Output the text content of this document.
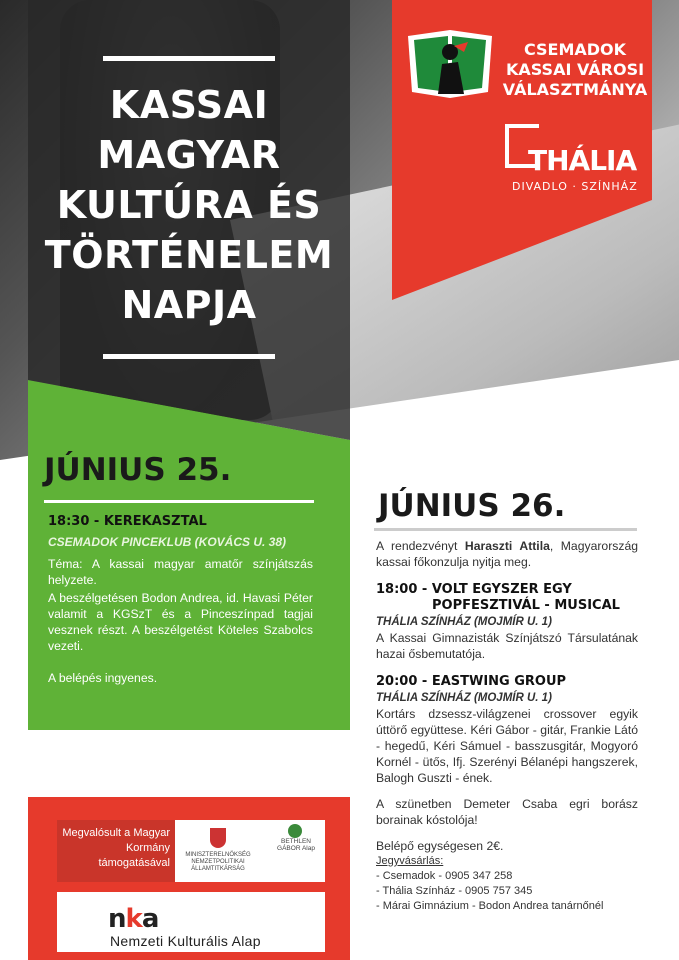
KASSAI
MAGYAR
KULTÚRA ÉS
TÖRTÉNELEM
NAPJA
CSEMADOK
KASSAI VÁROSI
VÁLASZTMÁNYA
THÁLIA
DIVADLO · SZÍNHÁZ
JÚNIUS 25.
18:30 - KEREKASZTAL
CSEMADOK PINCEKLUB (KOVÁCS U. 38)

Téma: A kassai magyar amatőr színjátszás helyzete.

A beszélgetésen Bodon Andrea, id. Havasi Péter valamit a KGSzT és a Pinceszínpad tagjai vesznek részt. A beszélgetést Köteles Szabolcs vezeti.

A belépés ingyenes.

JÚNIUS 26.

A rendezvényt Haraszti Attila, Magyarország kassai főkonzulja nyitja meg.

18:00 - VOLT EGYSZER EGY
POPFESZTIVÁL - MUSICAL
THÁLIA SZÍNHÁZ (MOJMÍR U. 1)

A Kassai Gimnazisták Színjátszó Társulatának hazai ősbemutatója.

20:00 - EASTWING GROUP
THÁLIA SZÍNHÁZ (MOJMÍR U. 1)

Kortárs dzsessz-világzenei crossover egyik úttörő együttese. Kéri Gábor - gitár, Frankie Látó - hegedű, Kéri Sámuel - basszusgitár, Mogyoró Kornél - ütős, Ifj. Szerényi Bélanépi hangszerek, Balogh Guszti - ének.

A szünetben Demeter Csaba egri borász borainak kóstolója!

Belépő egységesen 2€.

Jegyvásárlás:

- Csemadok - 0905 347 258

- Thália Színház - 0905 757 345

- Márai Gimnázium - Bodon Andrea tanárnőnél

Megvalósult a Magyar Kormány támogatásával
MINISZTERELNÖKSÉG NEMZETPOLITIKAI ÁLLAMTITKÁRSÁG
BETHLEN GÁBOR Alap
nka
Nemzeti Kulturális Alap
